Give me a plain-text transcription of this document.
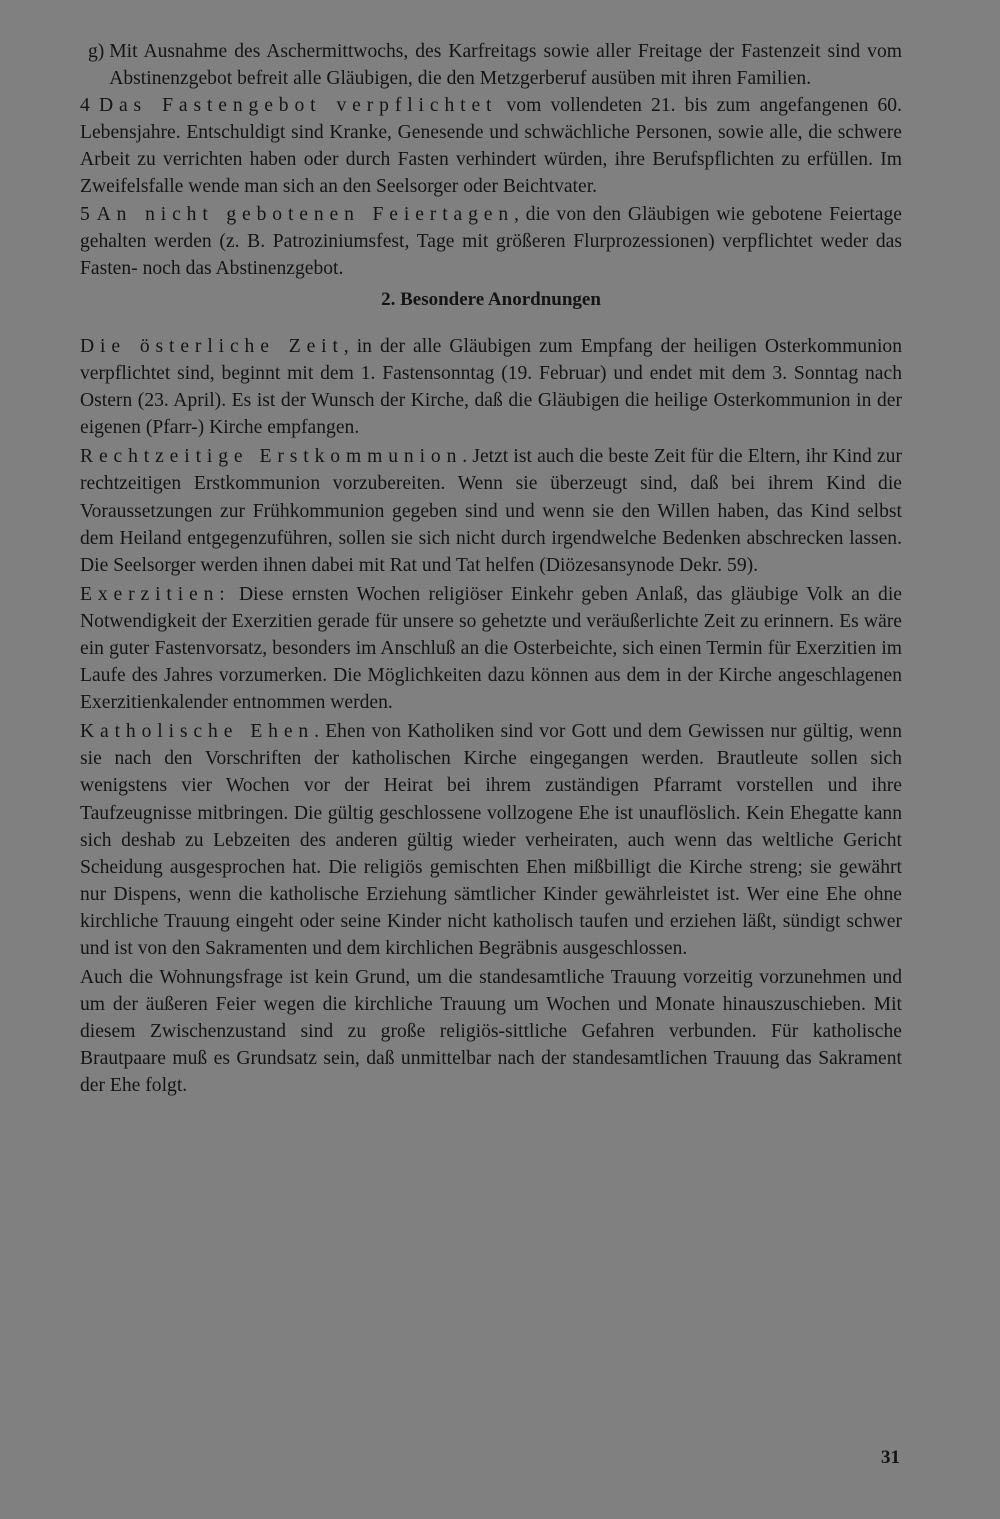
g) Mit Ausnahme des Aschermittwochs, des Karfreitags sowie aller Freitage der Fastenzeit sind vom Abstinenzgebot befreit alle Gläubigen, die den Metzgerberuf ausüben mit ihren Familien.

4 Das Fastengebot verpflichtet vom vollendeten 21. bis zum angefangenen 60. Lebensjahre. Entschuldigt sind Kranke, Genesende und schwächliche Personen, sowie alle, die schwere Arbeit zu verrichten haben oder durch Fasten verhindert würden, ihre Berufspflichten zu erfüllen. Im Zweifelsfalle wende man sich an den Seelsorger oder Beichtvater.

5 An nicht gebotenen Feiertagen, die von den Gläubigen wie gebotene Feiertage gehalten werden (z. B. Patroziniumsfest, Tage mit größeren Flurprozessionen) verpflichtet weder das Fasten- noch das Abstinenzgebot.

2. Besondere Anordnungen

Die österliche Zeit, in der alle Gläubigen zum Empfang der heiligen Osterkommunion verpflichtet sind, beginnt mit dem 1. Fastensonntag (19. Februar) und endet mit dem 3. Sonntag nach Ostern (23. April). Es ist der Wunsch der Kirche, daß die Gläubigen die heilige Osterkommunion in der eigenen (Pfarr-) Kirche empfangen.

Rechtzeitige Erstkommunion. Jetzt ist auch die beste Zeit für die Eltern, ihr Kind zur rechtzeitigen Erstkommunion vorzubereiten. Wenn sie überzeugt sind, daß bei ihrem Kind die Voraussetzungen zur Frühkommunion gegeben sind und wenn sie den Willen haben, das Kind selbst dem Heiland entgegenzuführen, sollen sie sich nicht durch irgendwelche Bedenken abschrecken lassen. Die Seelsorger werden ihnen dabei mit Rat und Tat helfen (Diözesansynode Dekr. 59).

Exerzitien: Diese ernsten Wochen religiöser Einkehr geben Anlaß, das gläubige Volk an die Notwendigkeit der Exerzitien gerade für unsere so gehetzte und veräußerlichte Zeit zu erinnern. Es wäre ein guter Fastenvorsatz, besonders im Anschluß an die Osterbeichte, sich einen Termin für Exerzitien im Laufe des Jahres vorzumerken. Die Möglichkeiten dazu können aus dem in der Kirche angeschlagenen Exerzitienkalender entnommen werden.

Katholische Ehen. Ehen von Katholiken sind vor Gott und dem Gewissen nur gültig, wenn sie nach den Vorschriften der katholischen Kirche eingegangen werden. Brautleute sollen sich wenigstens vier Wochen vor der Heirat bei ihrem zuständigen Pfarramt vorstellen und ihre Taufzeugnisse mitbringen. Die gültig geschlossene vollzogene Ehe ist unauflöslich. Kein Ehegatte kann sich deshab zu Lebzeiten des anderen gültig wieder verheiraten, auch wenn das weltliche Gericht Scheidung ausgesprochen hat. Die religiös gemischten Ehen mißbilligt die Kirche streng; sie gewährt nur Dispens, wenn die katholische Erziehung sämtlicher Kinder gewährleistet ist. Wer eine Ehe ohne kirchliche Trauung eingeht oder seine Kinder nicht katholisch taufen und erziehen läßt, sündigt schwer und ist von den Sakramenten und dem kirchlichen Begräbnis ausgeschlossen.

Auch die Wohnungsfrage ist kein Grund, um die standesamtliche Trauung vorzeitig vorzunehmen und um der äußeren Feier wegen die kirchliche Trauung um Wochen und Monate hinauszuschieben. Mit diesem Zwischenzustand sind zu große religiös-sittliche Gefahren verbunden. Für katholische Brautpaare muß es Grundsatz sein, daß unmittelbar nach der standesamtlichen Trauung das Sakrament der Ehe folgt.

31
